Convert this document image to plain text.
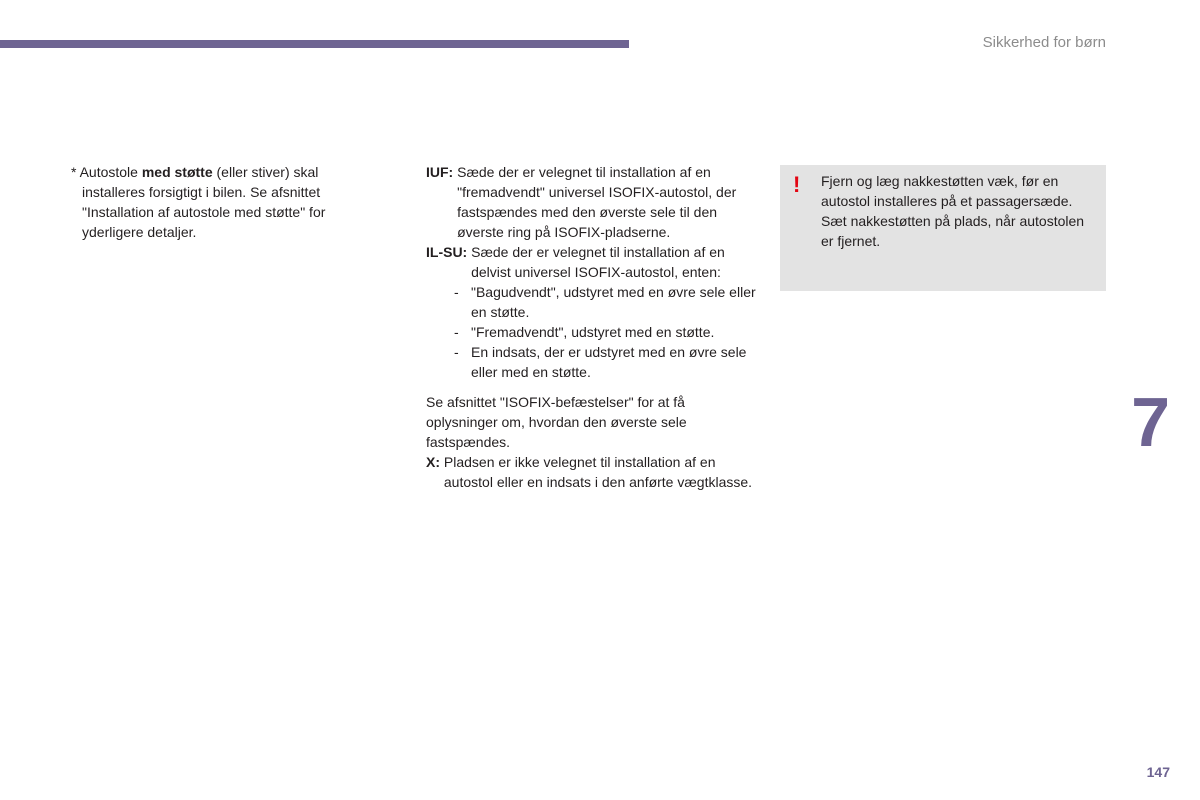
Sikkerhed for børn

* Autostole med støtte (eller stiver) skal installeres forsigtigt i bilen. Se afsnittet "Installation af autostole med støtte" for yderligere detaljer.

IUF:
Sæde der er velegnet til installation af en "fremadvendt" universel ISOFIX-autostol, der fastspændes med den øverste sele til den øverste ring på ISOFIX-pladserne.
IL-SU:
Sæde der er velegnet til installation af en delvist universel ISOFIX-autostol, enten:
- "Bagudvendt", udstyret med en øvre sele eller en støtte.
- "Fremadvendt", udstyret med en støtte.
- En indsats, der er udstyret med en øvre sele eller med en støtte.

Se afsnittet "ISOFIX-befæstelser" for at få oplysninger om, hvordan den øverste sele fastspændes.

X:
Pladsen er ikke velegnet til installation af en autostol eller en indsats i den anførte vægtklasse.
!	Fjern og læg nakkestøtten væk, før en autostol installeres på et passagersæde. Sæt nakkestøtten på plads, når autostolen er fjernet.
7
147
